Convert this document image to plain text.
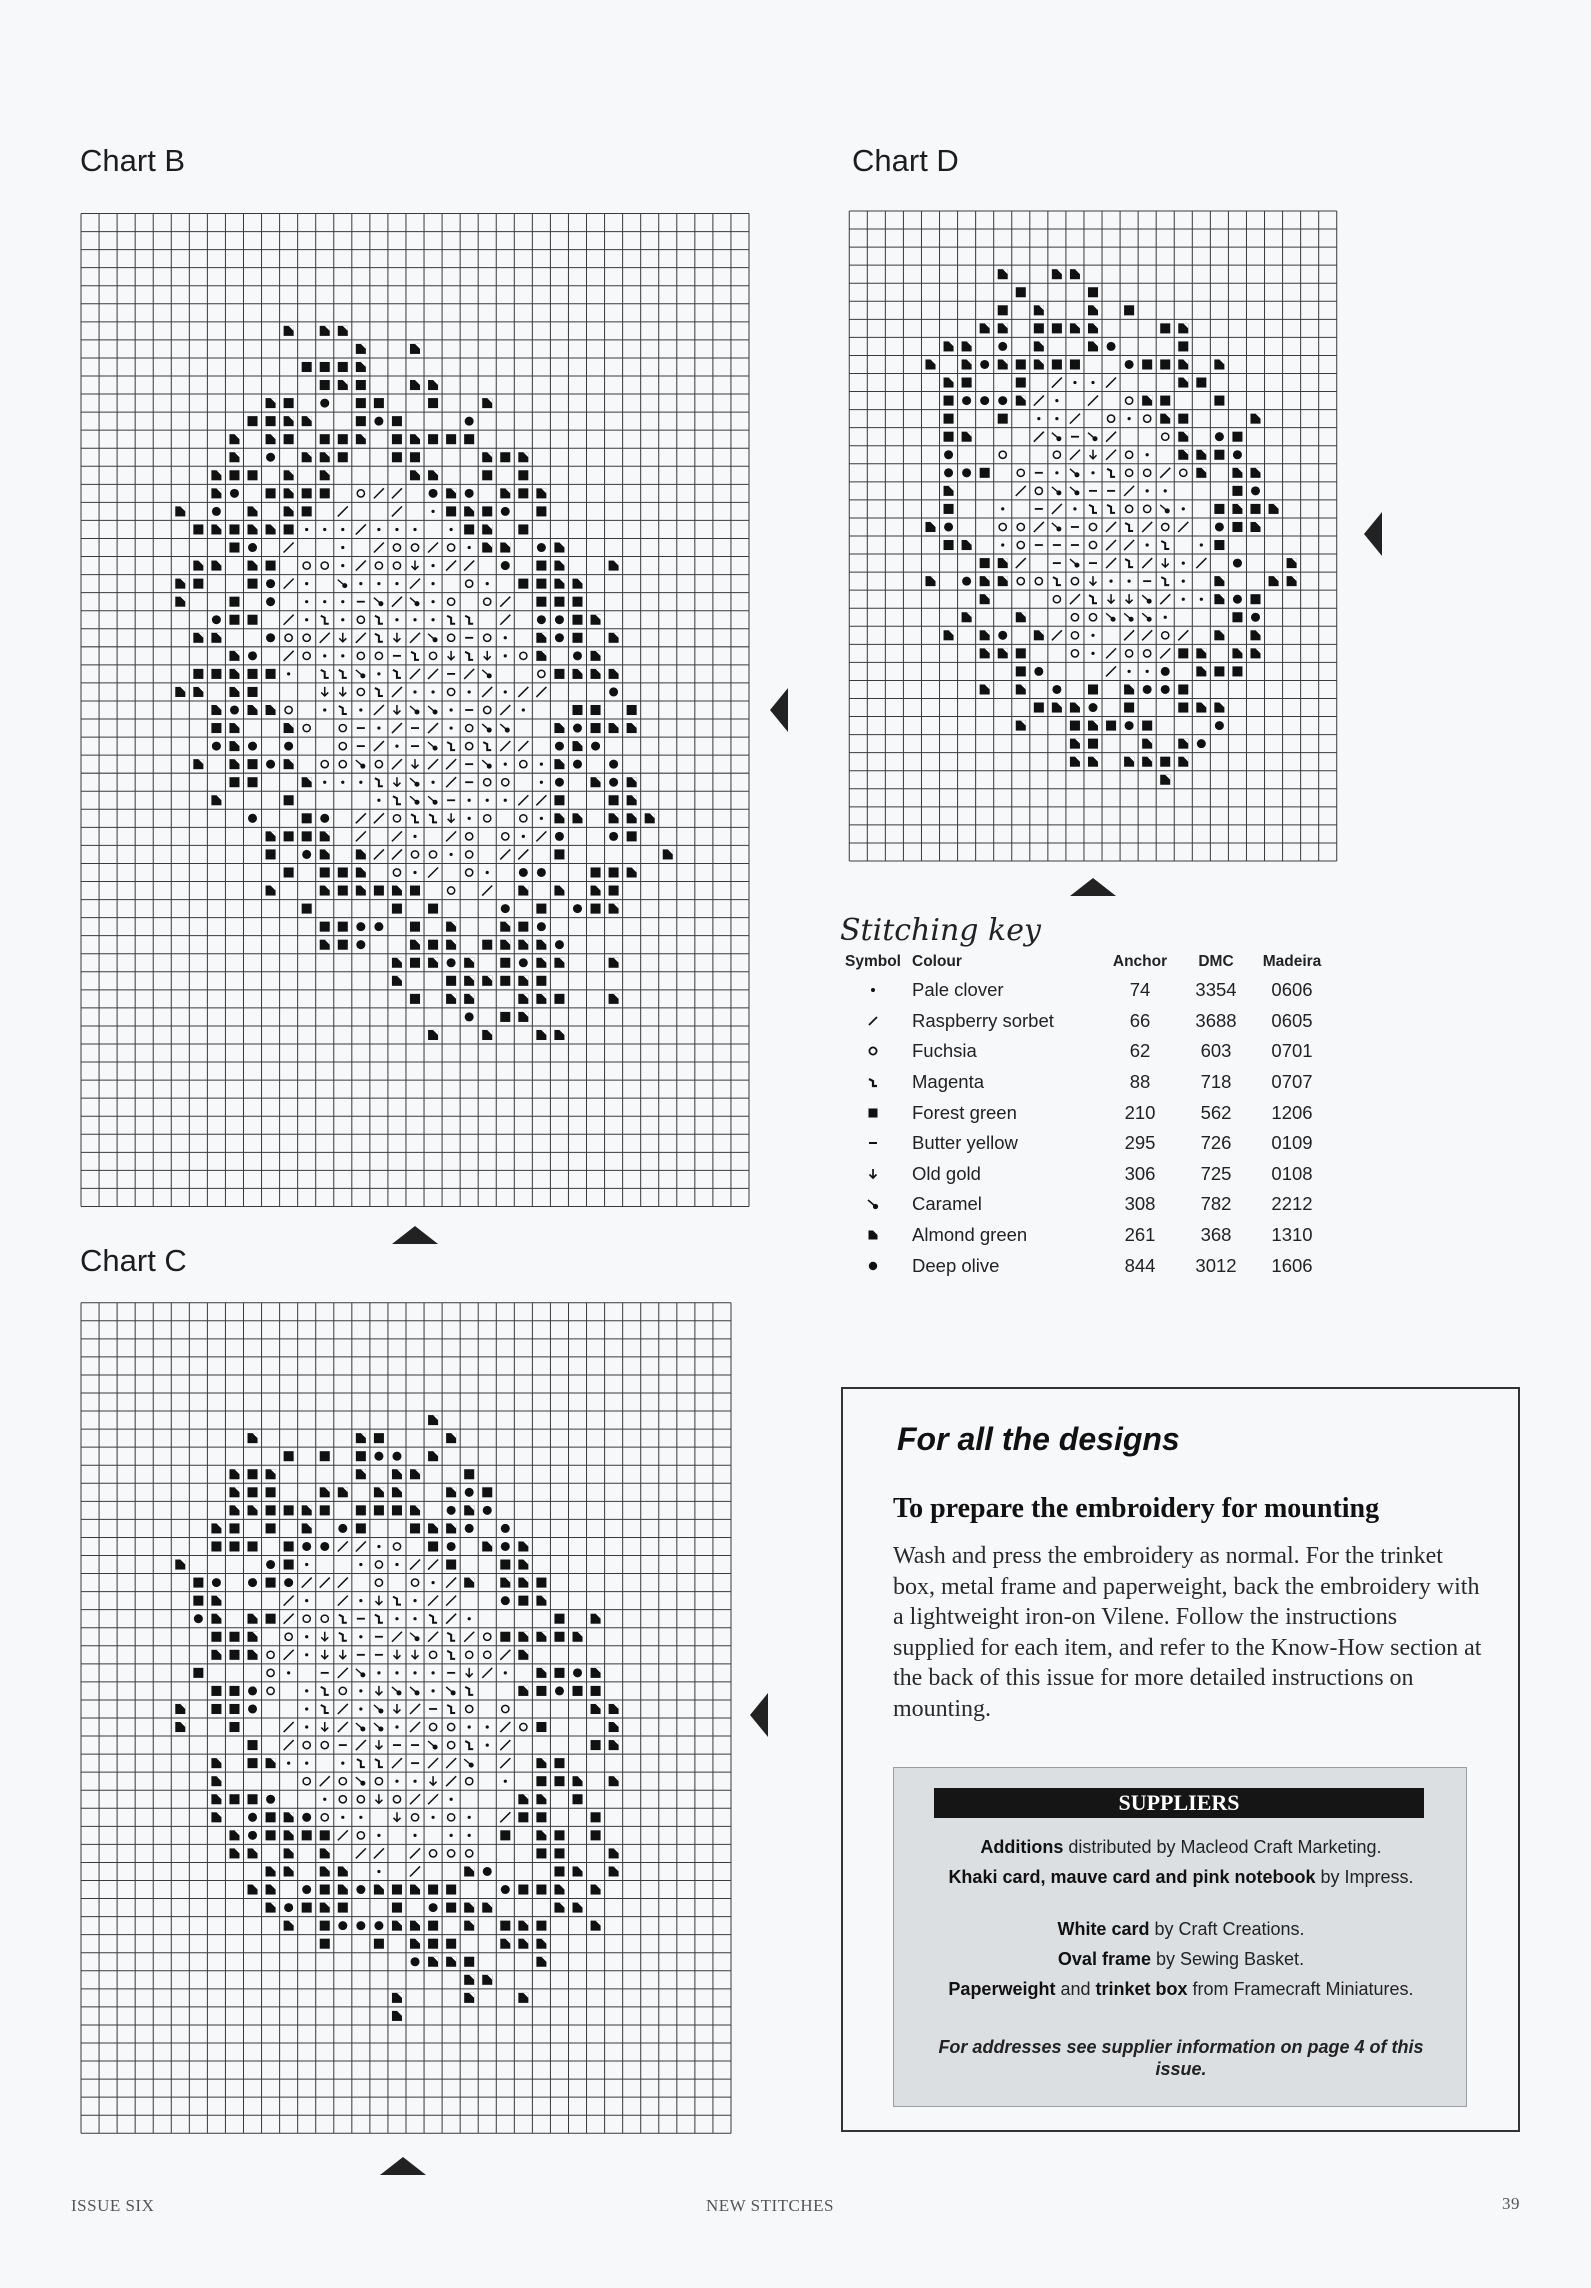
Chart B	Chart D
Chart C
Stitching key
Symbol	Colour	Anchor	DMC	Madeira

	Pale clover	74	3354	0606

	Raspberry sorbet	66	3688	0605

	Fuchsia	62	603	0701

	Magenta	88	718	0707

	Forest green	210	562	1206

	Butter yellow	295	726	0109

	Old gold	306	725	0108

	Caramel	308	782	2212

	Almond green	261	368	1310

	Deep olive	844	3012	1606
For all the designs
To prepare the embroidery for mounting

Wash and press the embroidery as normal. For the trinket box, metal frame and paperweight, back the embroidery with a lightweight iron-on Vilene. Follow the instructions supplied for each item, and refer to the Know-How section at the back of this issue for more detailed instructions on mounting.

SUPPLIERS
Additions distributed by Macleod Craft Marketing.
Khaki card, mauve card and pink notebook by Impress.
White card by Craft Creations.
Oval frame by Sewing Basket.
Paperweight and trinket box from Framecraft Miniatures.
For addresses see supplier information on page 4 of this issue.
ISSUE SIX	NEW STITCHES	39
